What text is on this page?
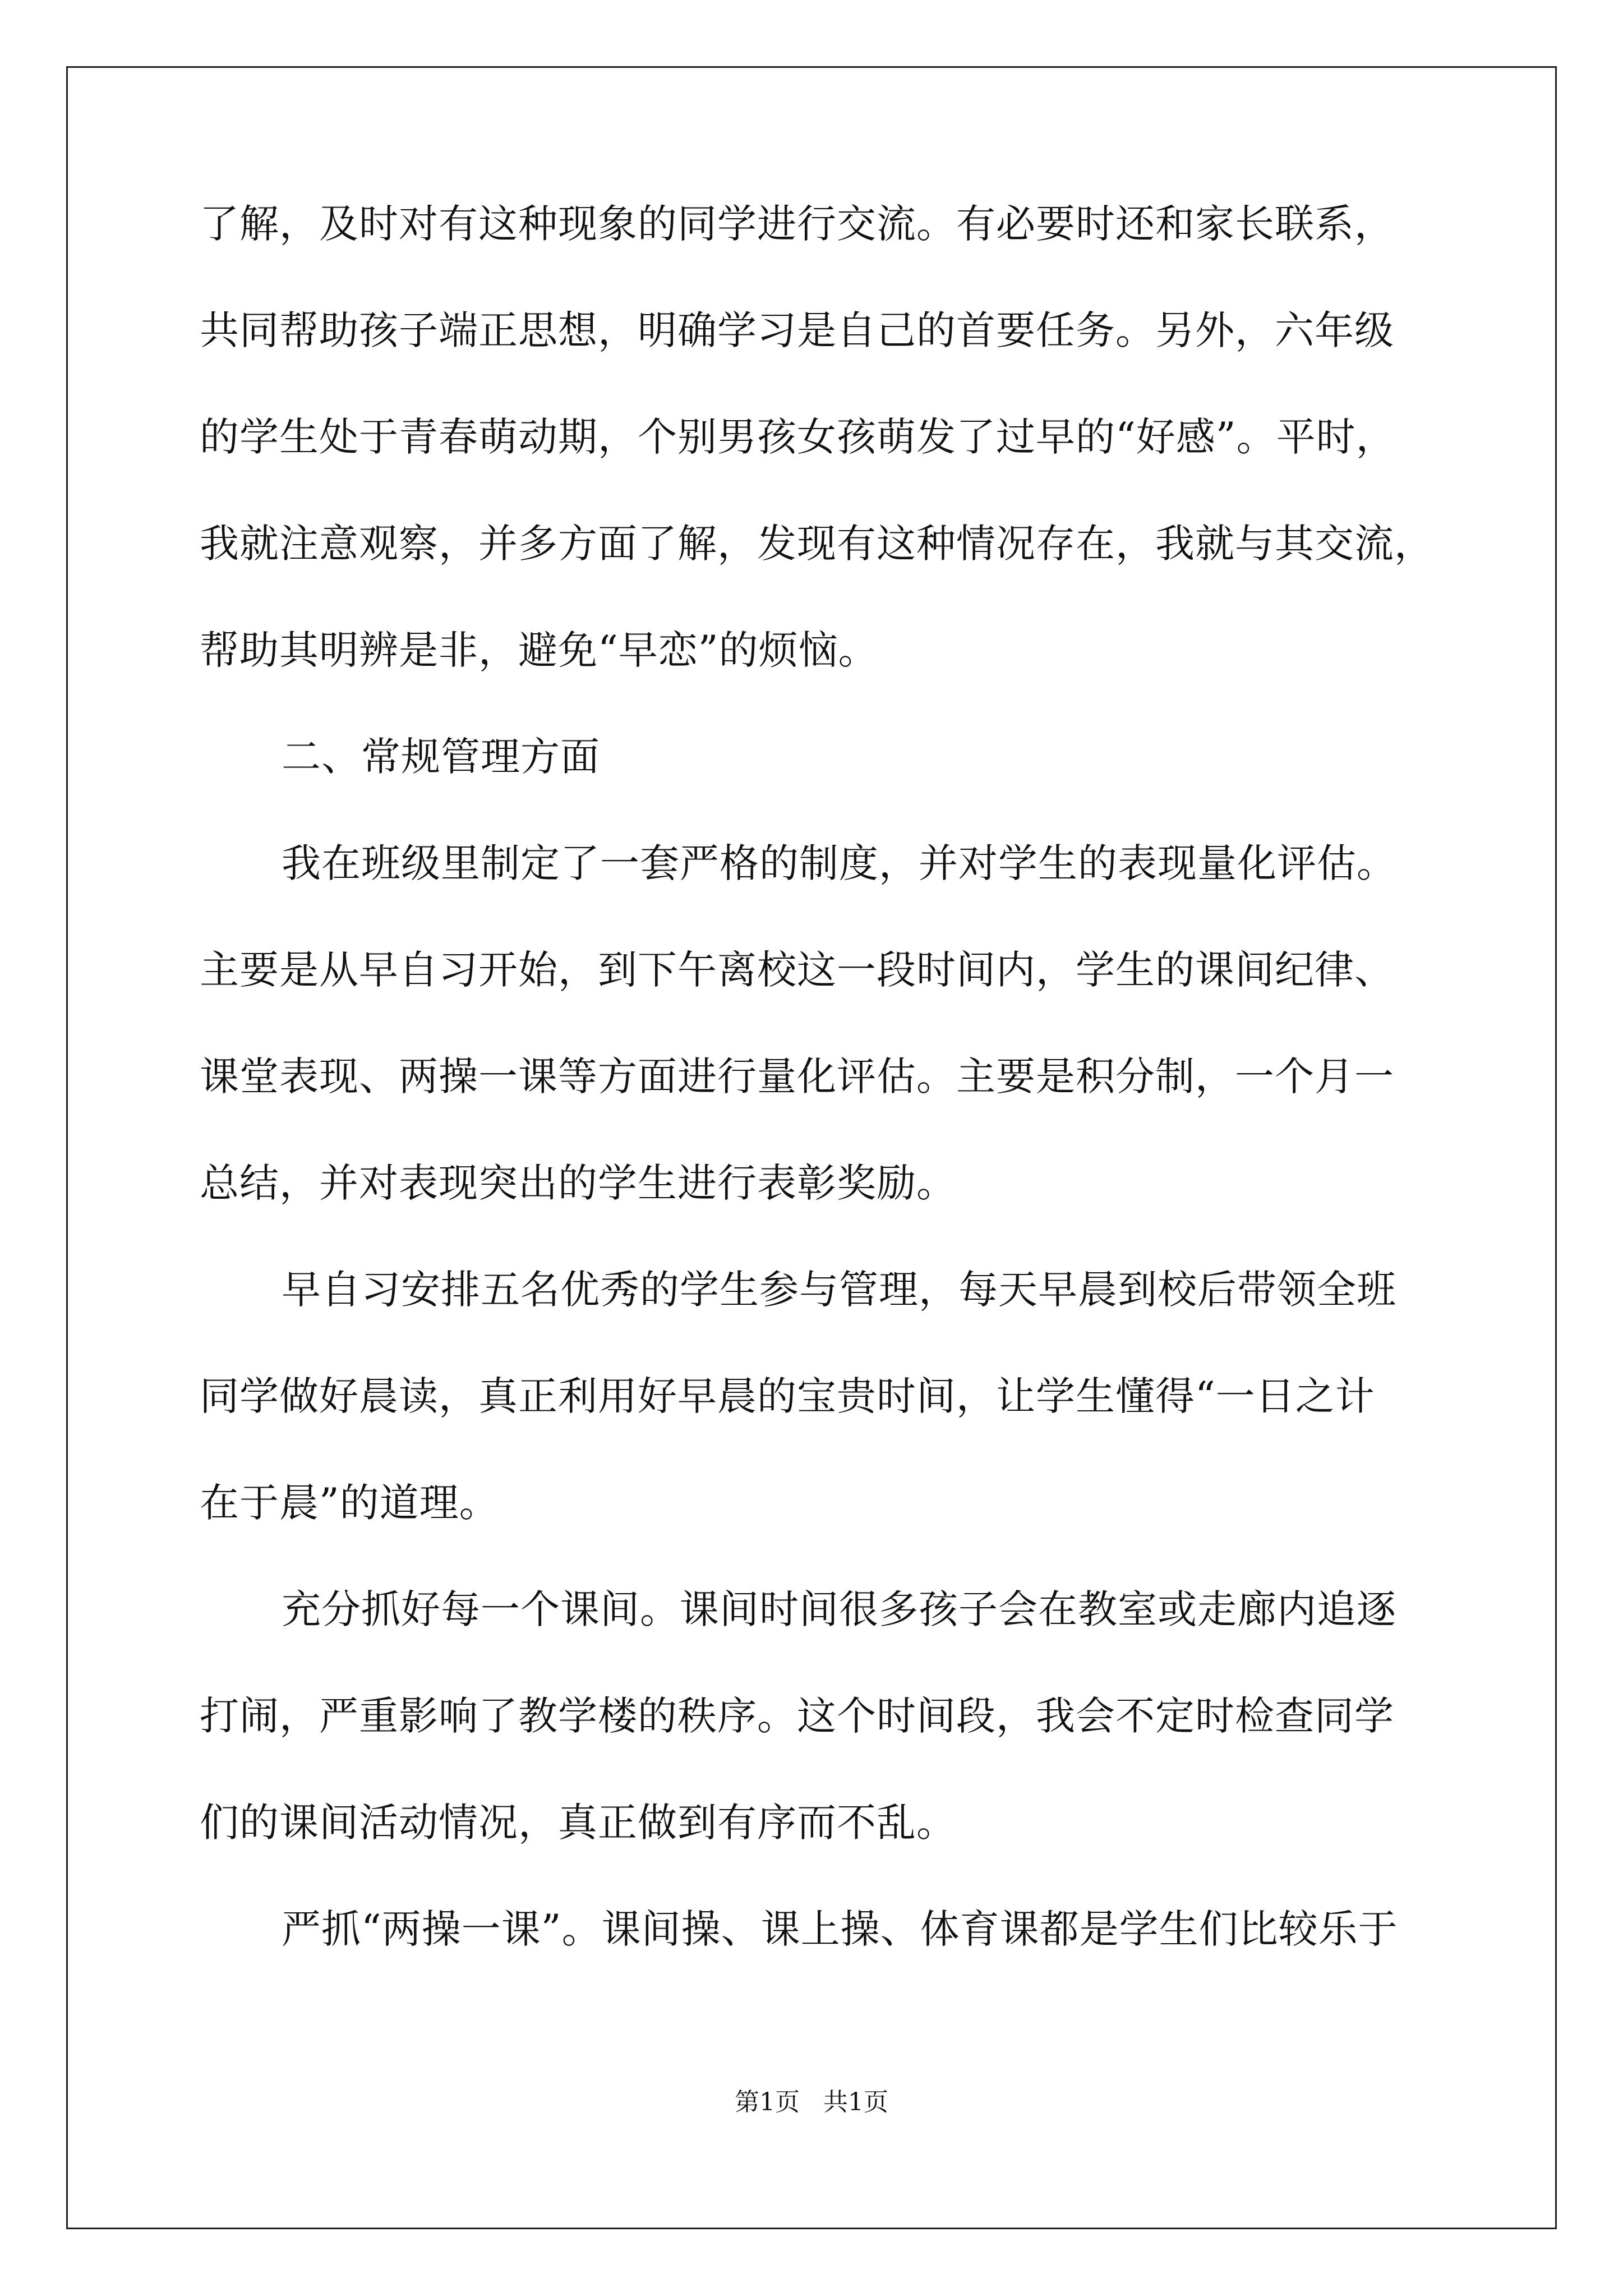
了解，及时对有这种现象的同学进行交流。有必要时还和家长联系，
共同帮助孩子端正思想，明确学习是自己的首要任务。另外，六年级
的学生处于青春萌动期，个别男孩女孩萌发了过早的“好感”。平时，
我就注意观察，并多方面了解，发现有这种情况存在，我就与其交流，
帮助其明辨是非，避免“早恋”的烦恼。
二、常规管理方面
我在班级里制定了一套严格的制度，并对学生的表现量化评估。
主要是从早自习开始，到下午离校这一段时间内，学生的课间纪律、
课堂表现、两操一课等方面进行量化评估。主要是积分制，一个月一
总结，并对表现突出的学生进行表彰奖励。
早自习安排五名优秀的学生参与管理，每天早晨到校后带领全班
同学做好晨读，真正利用好早晨的宝贵时间，让学生懂得“一日之计
在于晨”的道理。
充分抓好每一个课间。课间时间很多孩子会在教室或走廊内追逐
打闹，严重影响了教学楼的秩序。这个时间段，我会不定时检查同学
们的课间活动情况，真正做到有序而不乱。
严抓“两操一课”。课间操、课上操、体育课都是学生们比较乐于
第1页   共1页
